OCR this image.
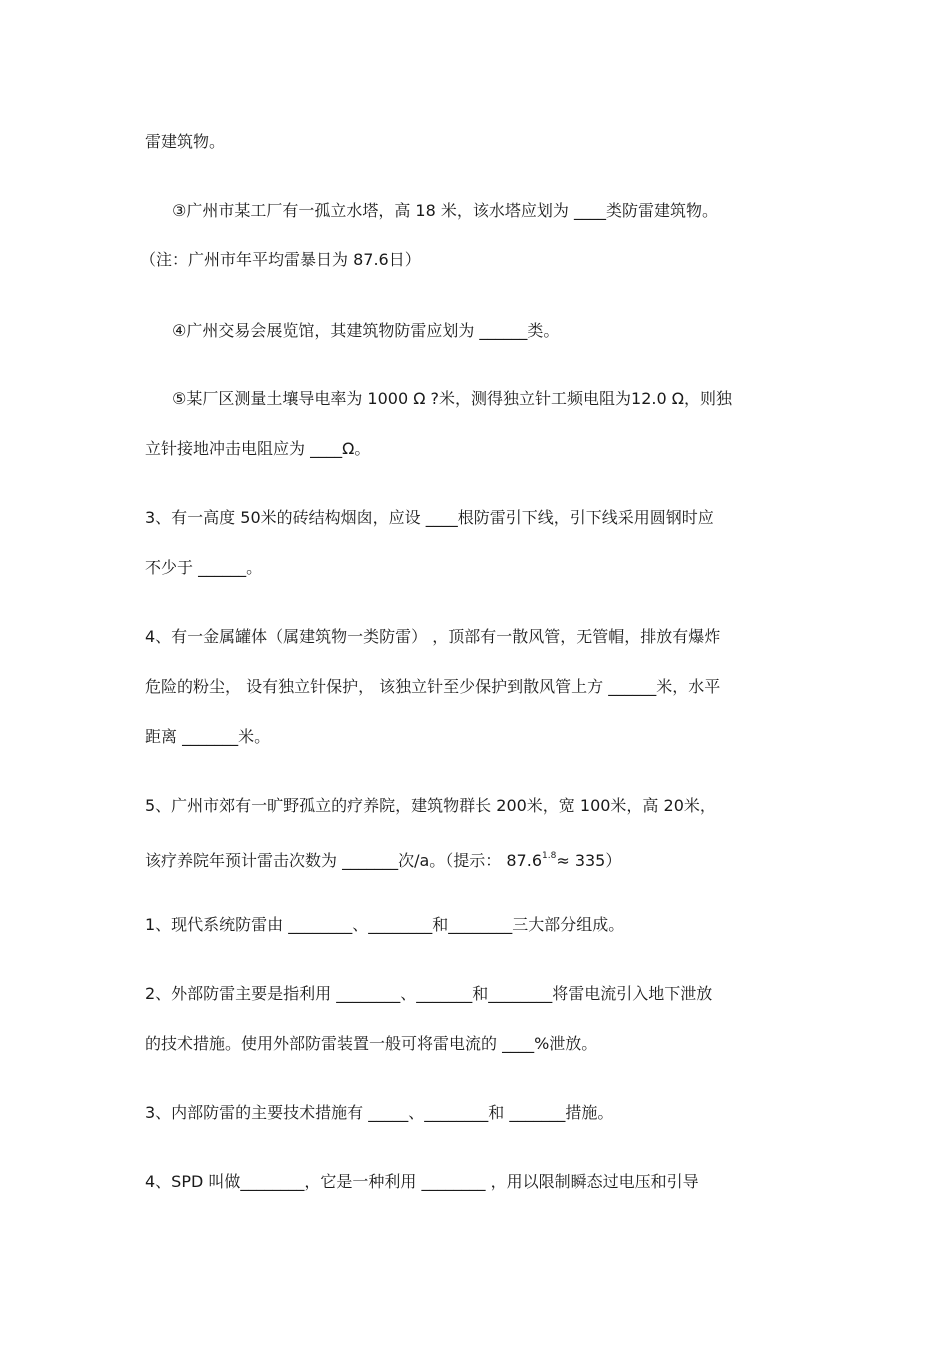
雷建筑物。
③广州市某工厂有一孤立水塔，高 18 米，该水塔应划为 ____类防雷建筑物。
（注：广州市年平均雷暴日为 87.6日）
④广州交易会展览馆，其建筑物防雷应划为 ______类。
⑤某厂区测量土壤导电率为 1000 Ω ?米，测得独立针工频电阻为12.0 Ω，则独
立针接地冲击电阻应为 ____Ω。
3、有一高度 50米的砖结构烟囱，应设 ____根防雷引下线，引下线采用圆钢时应
不少于 ______。
4、有一金属罐体（属建筑物一类防雷） ，顶部有一散风管，无管帽，排放有爆炸
危险的粉尘， 设有独立针保护， 该独立针至少保护到散风管上方 ______米，水平
距离 _______米。
5、广州市郊有一旷野孤立的疗养院，建筑物群长 200米，宽 100米，高 20米，
该疗养院年预计雷击次数为 _______次/a。（提示： $87.6^{1.8}\approx 335$）
1、现代系统防雷由 ________、________和________三大部分组成。
2、外部防雷主要是指利用 ________、_______和________将雷电流引入地下泄放
的技术措施。使用外部防雷装置一般可将雷电流的 ____%泄放。
3、内部防雷的主要技术措施有 _____、________和 _______措施。
4、SPD 叫做________，它是一种利用 ________ ，用以限制瞬态过电压和引导
